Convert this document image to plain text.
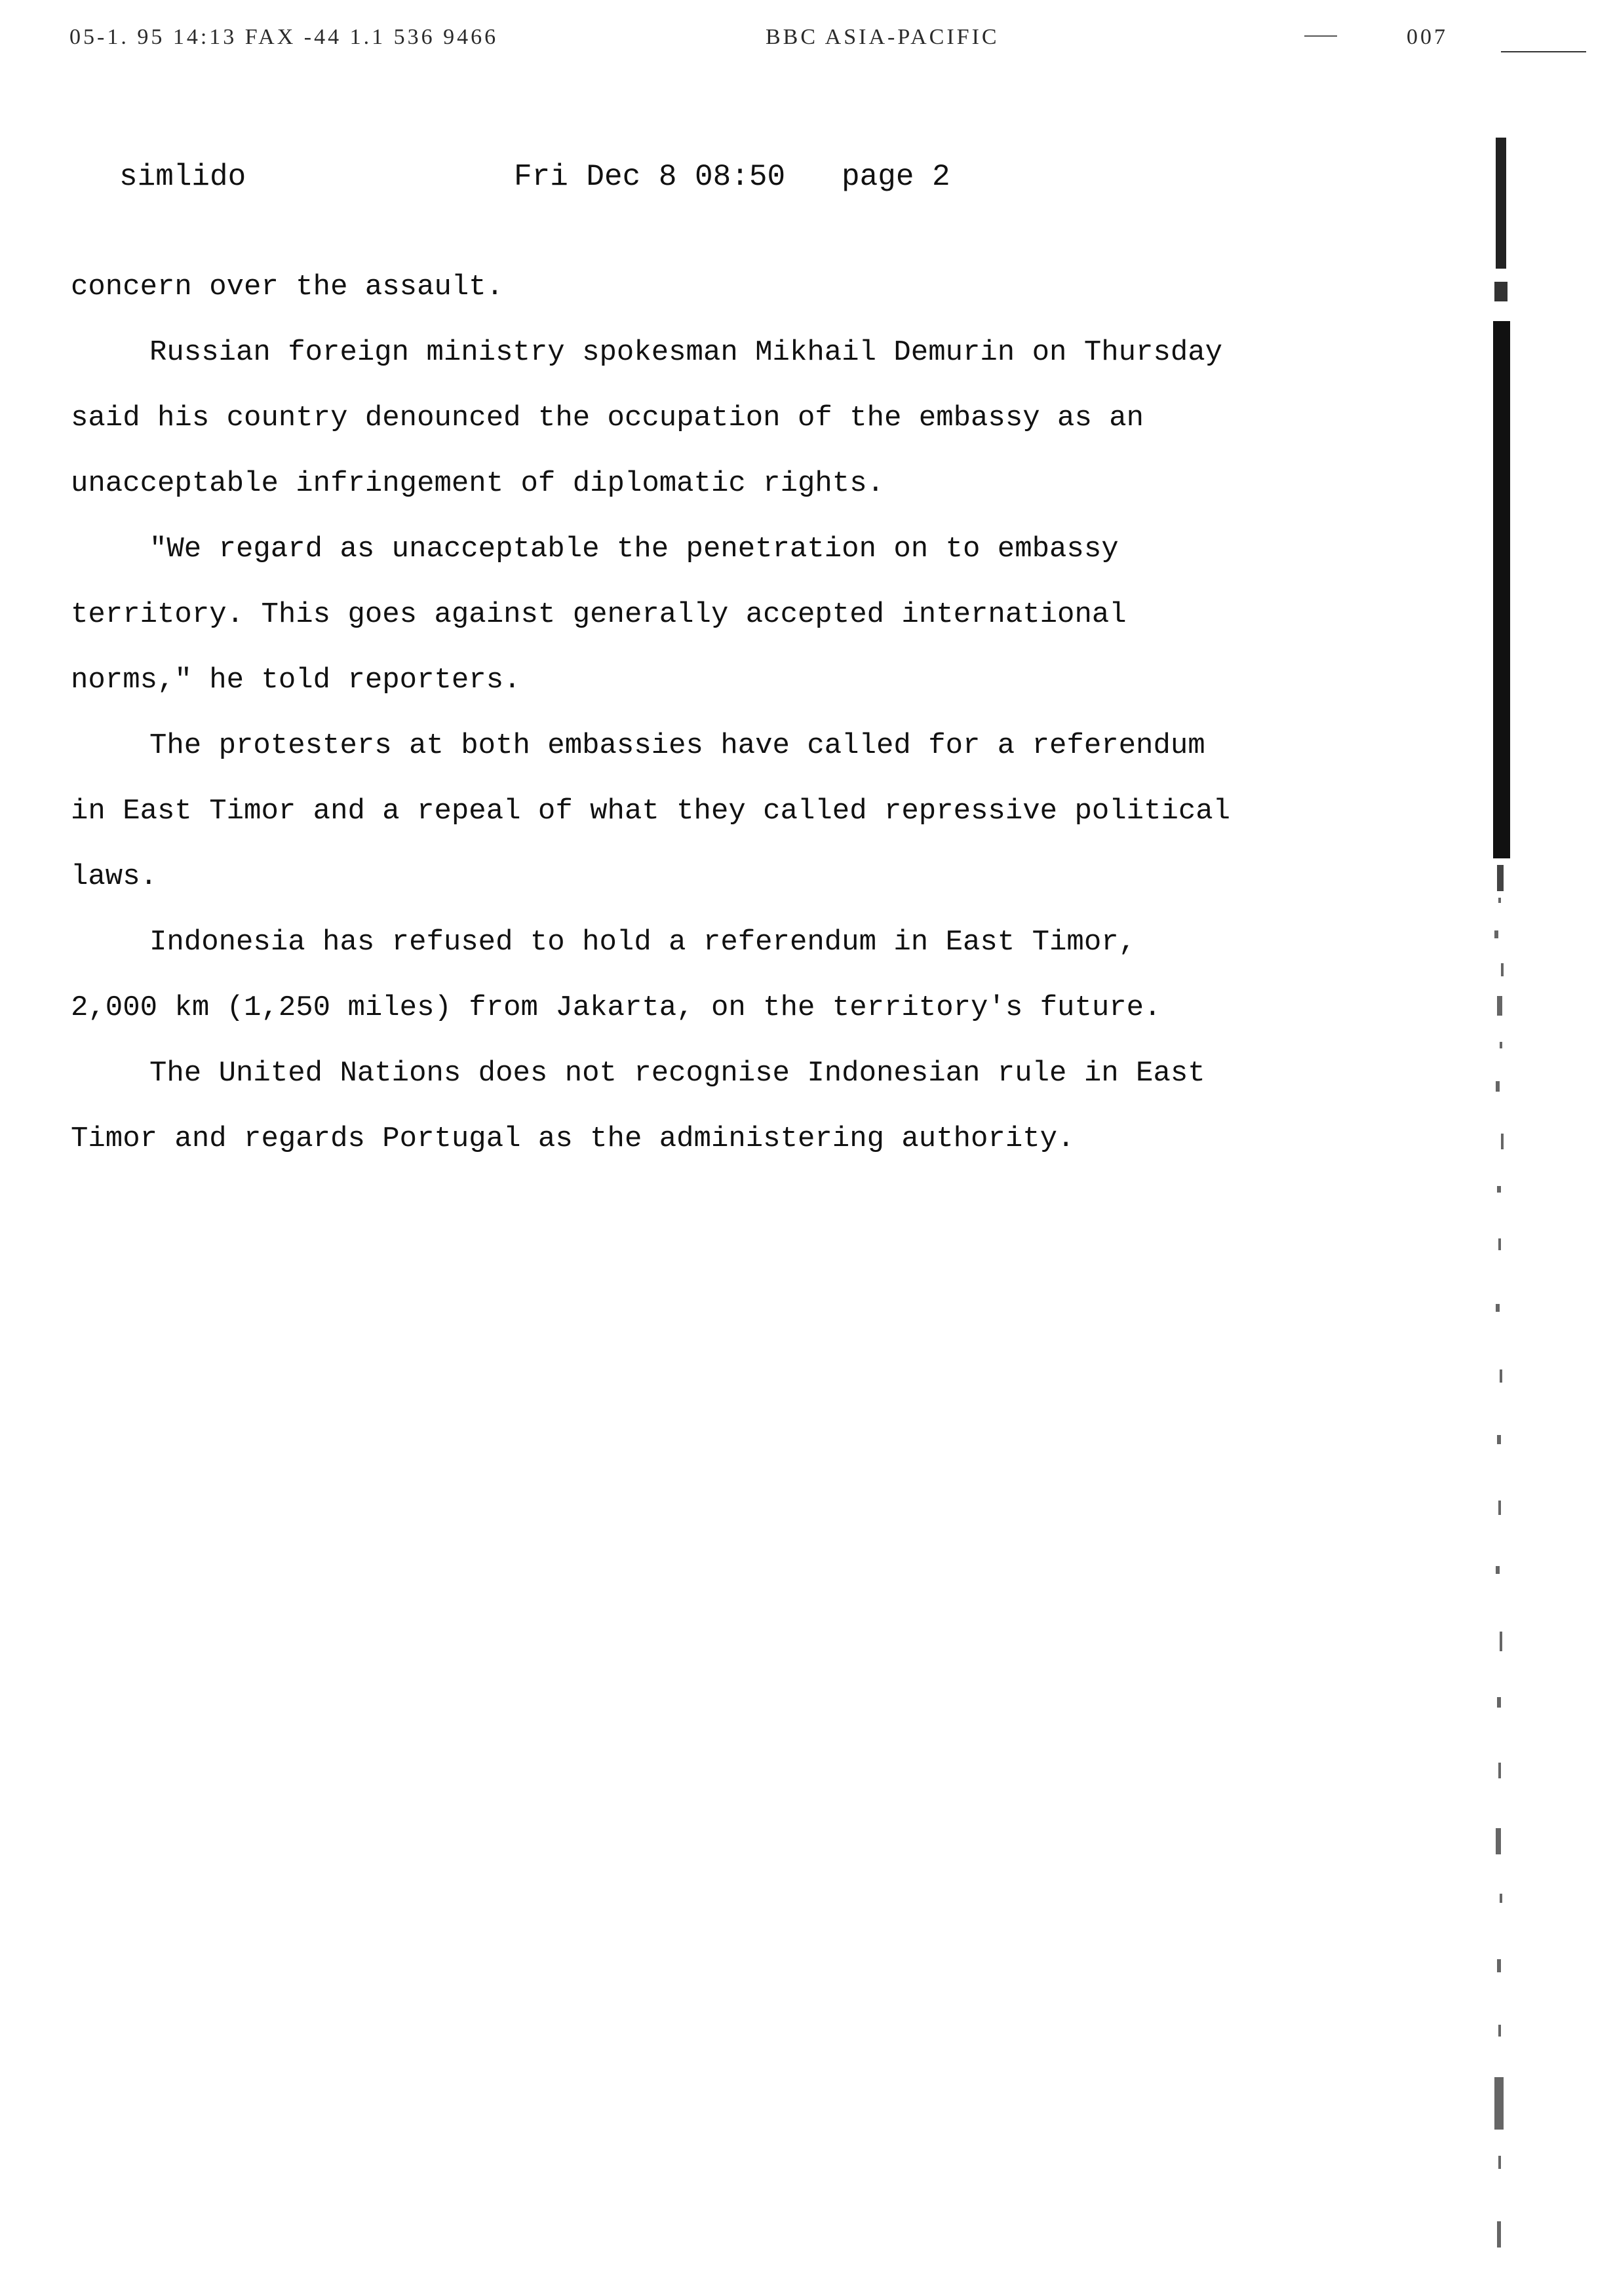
05-1. 95 14:13 FAX -44 1.1 536 9466	BBC ASIA-PACIFIC	007
simlido	Fri Dec 8 08:50 page 2

concern over the assault.

Russian foreign ministry spokesman Mikhail Demurin on Thursday said his country denounced the occupation of the embassy as an unacceptable infringement of diplomatic rights.

"We regard as unacceptable the penetration on to embassy territory. This goes against generally accepted international norms," he told reporters.

The protesters at both embassies have called for a referendum in East Timor and a repeal of what they called repressive political laws.

Indonesia has refused to hold a referendum in East Timor, 2,000 km (1,250 miles) from Jakarta, on the territory's future.

The United Nations does not recognise Indonesian rule in East Timor and regards Portugal as the administering authority.
